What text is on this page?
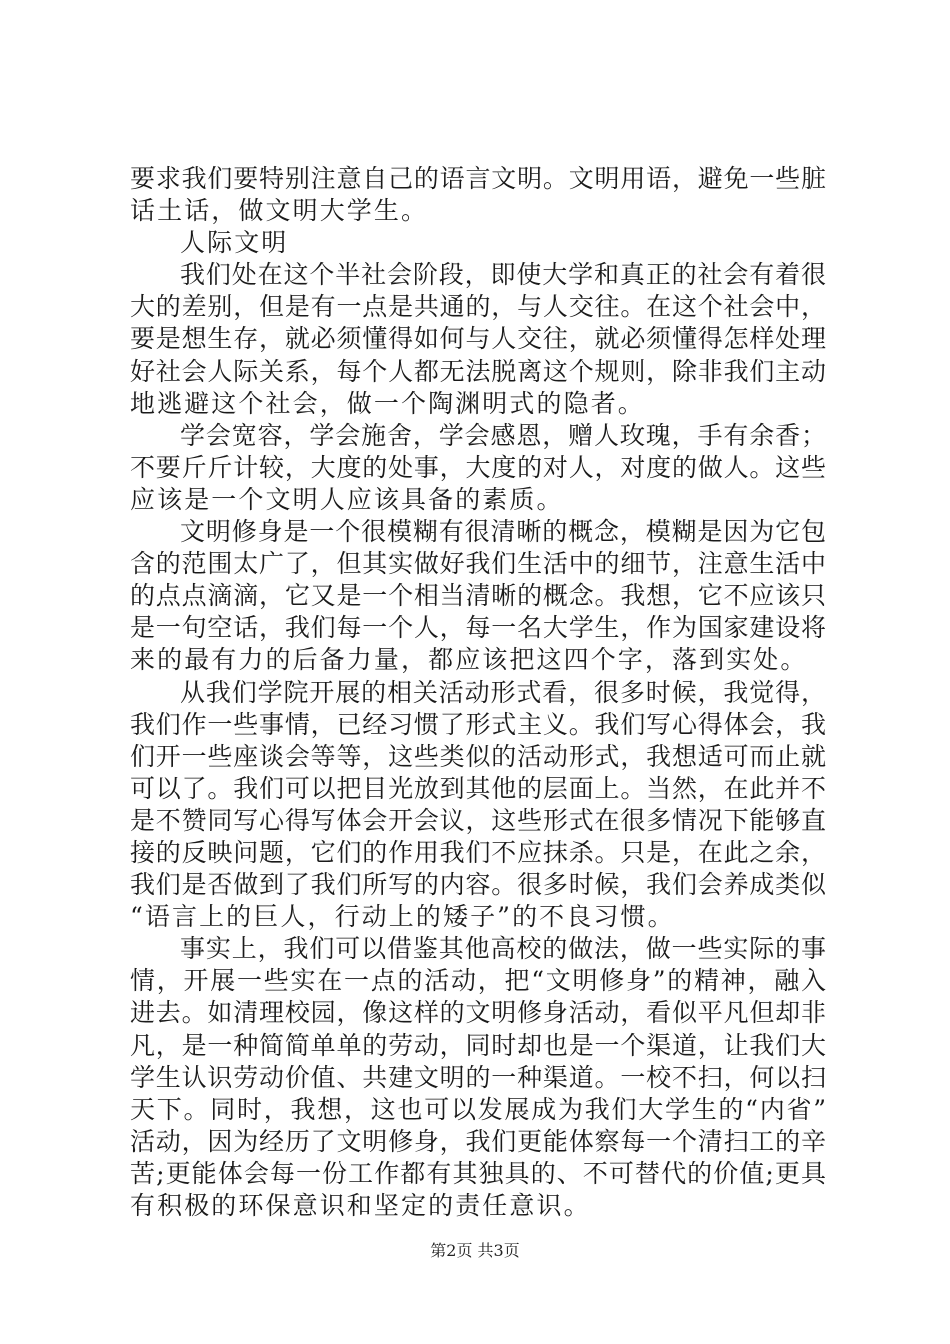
要求我们要特别注意自己的语言文明。文明用语，避免一些脏
话土话，做文明大学生。
人际文明
我们处在这个半社会阶段，即使大学和真正的社会有着很
大的差别，但是有一点是共通的，与人交往。在这个社会中，
要是想生存，就必须懂得如何与人交往，就必须懂得怎样处理
好社会人际关系，每个人都无法脱离这个规则，除非我们主动
地逃避这个社会，做一个陶渊明式的隐者。
学会宽容，学会施舍，学会感恩，赠人玫瑰，手有余香；
不要斤斤计较，大度的处事，大度的对人，对度的做人。这些
应该是一个文明人应该具备的素质。
文明修身是一个很模糊有很清晰的概念，模糊是因为它包
含的范围太广了，但其实做好我们生活中的细节，注意生活中
的点点滴滴，它又是一个相当清晰的概念。我想，它不应该只
是一句空话，我们每一个人，每一名大学生，作为国家建设将
来的最有力的后备力量，都应该把这四个字，落到实处。
从我们学院开展的相关活动形式看，很多时候，我觉得，
我们作一些事情，已经习惯了形式主义。我们写心得体会，我
们开一些座谈会等等，这些类似的活动形式，我想适可而止就
可以了。我们可以把目光放到其他的层面上。当然，在此并不
是不赞同写心得写体会开会议，这些形式在很多情况下能够直
接的反映问题，它们的作用我们不应抹杀。只是，在此之余，
我们是否做到了我们所写的内容。很多时候，我们会养成类似
“语言上的巨人，行动上的矮子”的不良习惯。
事实上，我们可以借鉴其他高校的做法，做一些实际的事
情，开展一些实在一点的活动，把“文明修身”的精神，融入
进去。如清理校园，像这样的文明修身活动，看似平凡但却非
凡，是一种简简单单的劳动，同时却也是一个渠道，让我们大
学生认识劳动价值、共建文明的一种渠道。一校不扫，何以扫
天下。同时，我想，这也可以发展成为我们大学生的“内省”
活动，因为经历了文明修身，我们更能体察每一个清扫工的辛
苦;更能体会每一份工作都有其独具的、不可替代的价值;更具
有积极的环保意识和坚定的责任意识。
第2页 共3页
